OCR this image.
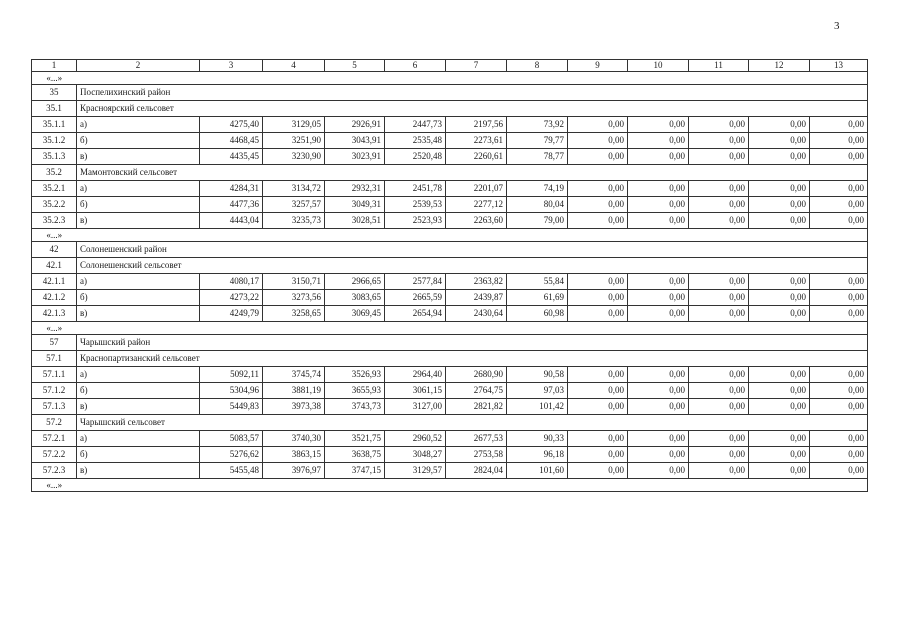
3
1	2	3	4	5	6	7	8	9	10	11	12	13
«...»												
35	Поспелихинский район											
35.1	Красноярский сельсовет											
35.1.1	а)	4275,40	3129,05	2926,91	2447,73	2197,56	73,92	0,00	0,00	0,00	0,00	0,00
35.1.2	б)	4468,45	3251,90	3043,91	2535,48	2273,61	79,77	0,00	0,00	0,00	0,00	0,00
35.1.3	в)	4435,45	3230,90	3023,91	2520,48	2260,61	78,77	0,00	0,00	0,00	0,00	0,00
35.2	Мамонтовский сельсовет											
35.2.1	а)	4284,31	3134,72	2932,31	2451,78	2201,07	74,19	0,00	0,00	0,00	0,00	0,00
35.2.2	б)	4477,36	3257,57	3049,31	2539,53	2277,12	80,04	0,00	0,00	0,00	0,00	0,00
35.2.3	в)	4443,04	3235,73	3028,51	2523,93	2263,60	79,00	0,00	0,00	0,00	0,00	0,00
«...»												
42	Солонешенский район											
42.1	Солонешенский сельсовет											
42.1.1	а)	4080,17	3150,71	2966,65	2577,84	2363,82	55,84	0,00	0,00	0,00	0,00	0,00
42.1.2	б)	4273,22	3273,56	3083,65	2665,59	2439,87	61,69	0,00	0,00	0,00	0,00	0,00
42.1.3	в)	4249,79	3258,65	3069,45	2654,94	2430,64	60,98	0,00	0,00	0,00	0,00	0,00
«...»												
57	Чарышский район											
57.1	Краснопартизанский сельсовет											
57.1.1	а)	5092,11	3745,74	3526,93	2964,40	2680,90	90,58	0,00	0,00	0,00	0,00	0,00
57.1.2	б)	5304,96	3881,19	3655,93	3061,15	2764,75	97,03	0,00	0,00	0,00	0,00	0,00
57.1.3	в)	5449,83	3973,38	3743,73	3127,00	2821,82	101,42	0,00	0,00	0,00	0,00	0,00
57.2	Чарышский сельсовет											
57.2.1	а)	5083,57	3740,30	3521,75	2960,52	2677,53	90,33	0,00	0,00	0,00	0,00	0,00
57.2.2	б)	5276,62	3863,15	3638,75	3048,27	2753,58	96,18	0,00	0,00	0,00	0,00	0,00
57.2.3	в)	5455,48	3976,97	3747,15	3129,57	2824,04	101,60	0,00	0,00	0,00	0,00	0,00
«...»												
